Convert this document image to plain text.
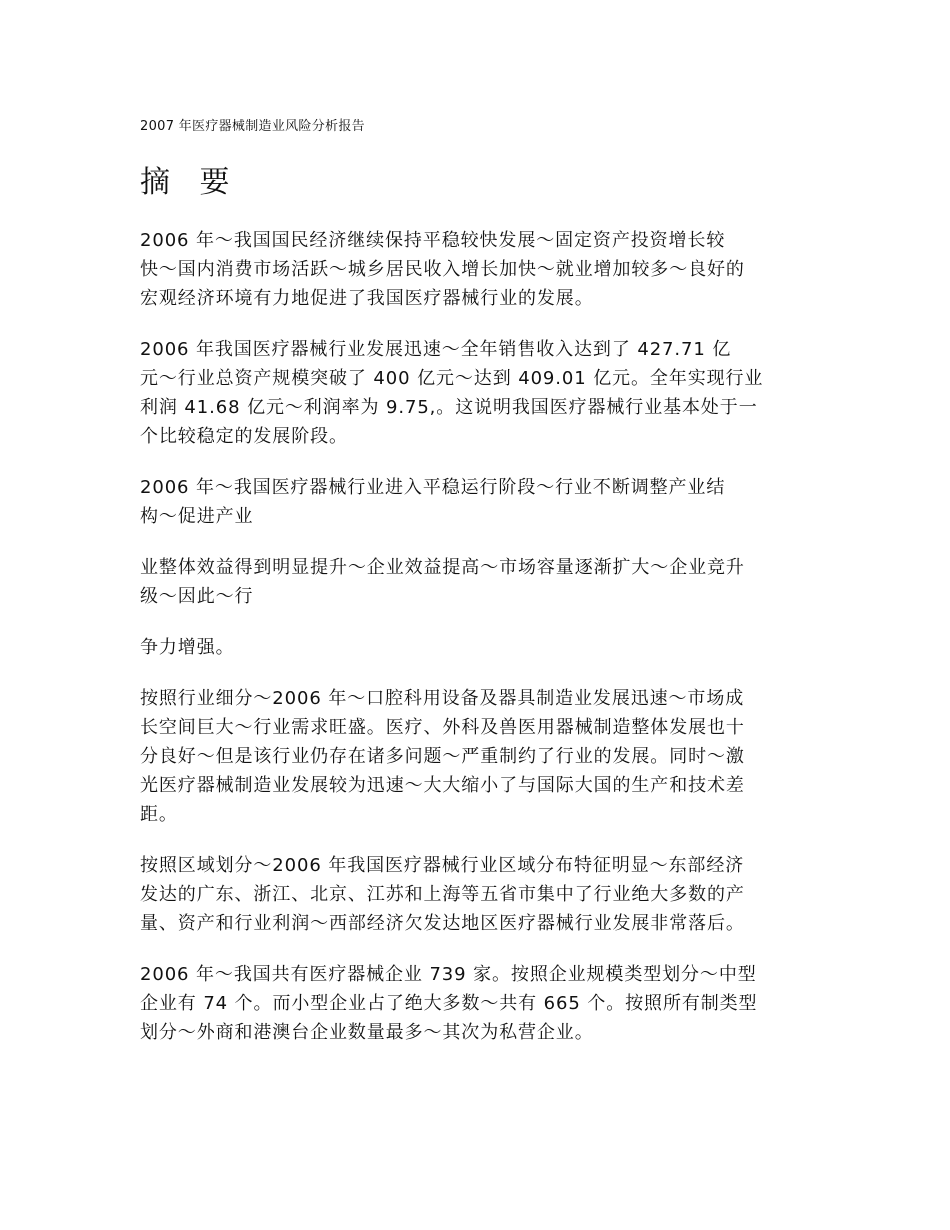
2007 年医疗器械制造业风险分析报告
摘 要

2006 年～我国国民经济继续保持平稳较快发展～固定资产投资增长较
快～国内消费市场活跃～城乡居民收入增长加快～就业增加较多～良好的
宏观经济环境有力地促进了我国医疗器械行业的发展。

2006 年我国医疗器械行业发展迅速～全年销售收入达到了 427.71 亿
元～行业总资产规模突破了 400 亿元～达到 409.01 亿元。全年实现行业
利润 41.68 亿元～利润率为 9.75,。这说明我国医疗器械行业基本处于一
个比较稳定的发展阶段。

2006 年～我国医疗器械行业进入平稳运行阶段～行业不断调整产业结
构～促进产业

业整体效益得到明显提升～企业效益提高～市场容量逐渐扩大～企业竞升
级～因此～行

争力增强。

按照行业细分～2006 年～口腔科用设备及器具制造业发展迅速～市场成
长空间巨大～行业需求旺盛。医疗、外科及兽医用器械制造整体发展也十
分良好～但是该行业仍存在诸多问题～严重制约了行业的发展。同时～激
光医疗器械制造业发展较为迅速～大大缩小了与国际大国的生产和技术差
距。

按照区域划分～2006 年我国医疗器械行业区域分布特征明显～东部经济
发达的广东、浙江、北京、江苏和上海等五省市集中了行业绝大多数的产
量、资产和行业利润～西部经济欠发达地区医疗器械行业发展非常落后。

2006 年～我国共有医疗器械企业 739 家。按照企业规模类型划分～中型
企业有 74 个。而小型企业占了绝大多数～共有 665 个。按照所有制类型
划分～外商和港澳台企业数量最多～其次为私营企业。
